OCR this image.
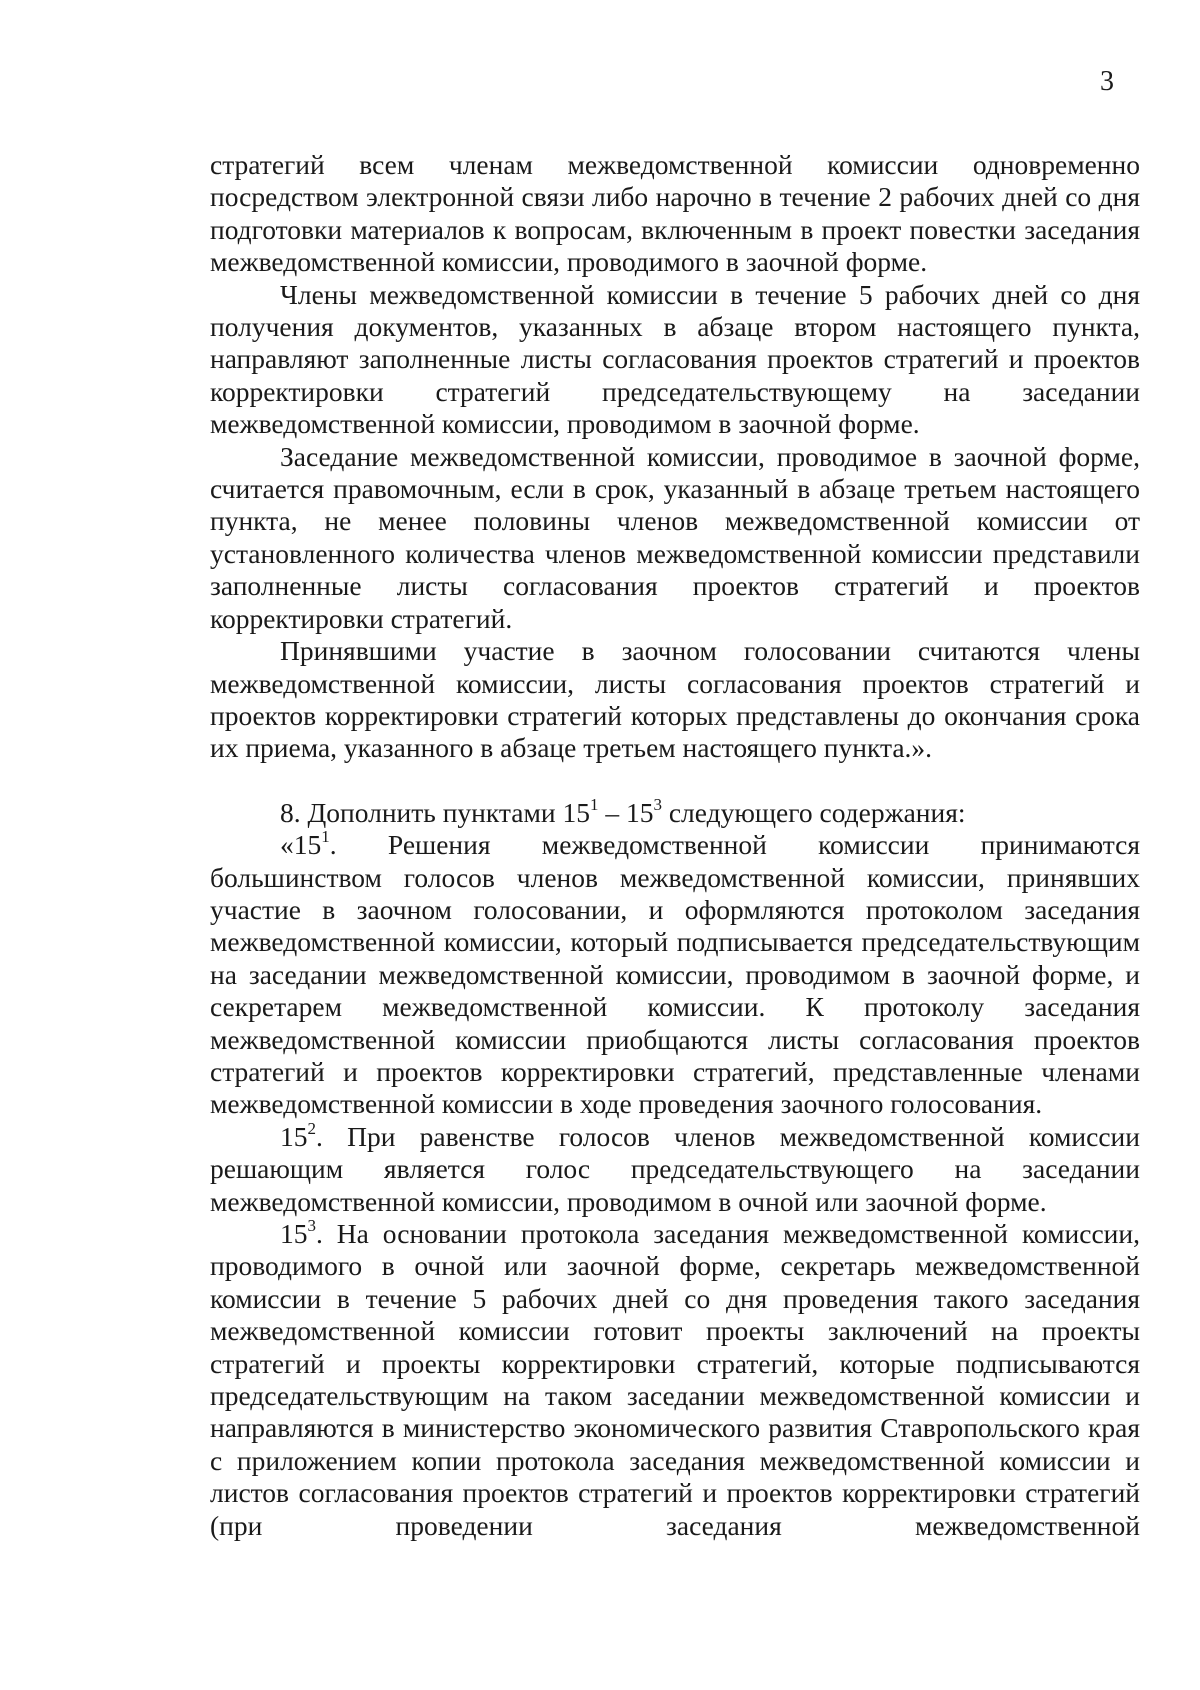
3

стратегий всем членам межведомственной комиссии одновременно посредством электронной связи либо нарочно в течение 2 рабочих дней со дня подготовки материалов к вопросам, включенным в проект повестки заседания межведомственной комиссии, проводимого в заочной форме.

Члены межведомственной комиссии в течение 5 рабочих дней со дня получения документов, указанных в абзаце втором настоящего пункта, направляют заполненные листы согласования проектов стратегий и проектов корректировки стратегий председательствующему на заседании межведомственной комиссии, проводимом в заочной форме.

Заседание межведомственной комиссии, проводимое в заочной форме, считается правомочным, если в срок, указанный в абзаце третьем настоящего пункта, не менее половины членов межведомственной комиссии от установленного количества членов межведомственной комиссии представили заполненные листы согласования проектов стратегий и проектов корректировки стратегий.

Принявшими участие в заочном голосовании считаются члены межведомственной комиссии, листы согласования проектов стратегий и проектов корректировки стратегий которых представлены до окончания срока их приема, указанного в абзаце третьем настоящего пункта.».

8. Дополнить пунктами $15^1 - 15^3$ следующего содержания:

«$15^1$. Решения межведомственной комиссии принимаются большинством голосов членов межведомственной комиссии, принявших участие в заочном голосовании, и оформляются протоколом заседания межведомственной комиссии, который подписывается председательствующим на заседании межведомственной комиссии, проводимом в заочной форме, и секретарем межведомственной комиссии. К протоколу заседания межведомственной комиссии приобщаются листы согласования проектов стратегий и проектов корректировки стратегий, представленные членами межведомственной комиссии в ходе проведения заочного голосования.

$15^2$. При равенстве голосов членов межведомственной комиссии решающим является голос председательствующего на заседании межведомственной комиссии, проводимом в очной или заочной форме.

$15^3$. На основании протокола заседания межведомственной комиссии, проводимого в очной или заочной форме, секретарь межведомственной комиссии в течение 5 рабочих дней со дня проведения такого заседания межведомственной комиссии готовит проекты заключений на проекты стратегий и проекты корректировки стратегий, которые подписываются председательствующим на таком заседании межведомственной комиссии и направляются в министерство экономического развития Ставропольского края с приложением копии протокола заседания межведомственной комиссии и листов согласования проектов стратегий и проектов корректировки стратегий (при проведении заседания межведомственной
